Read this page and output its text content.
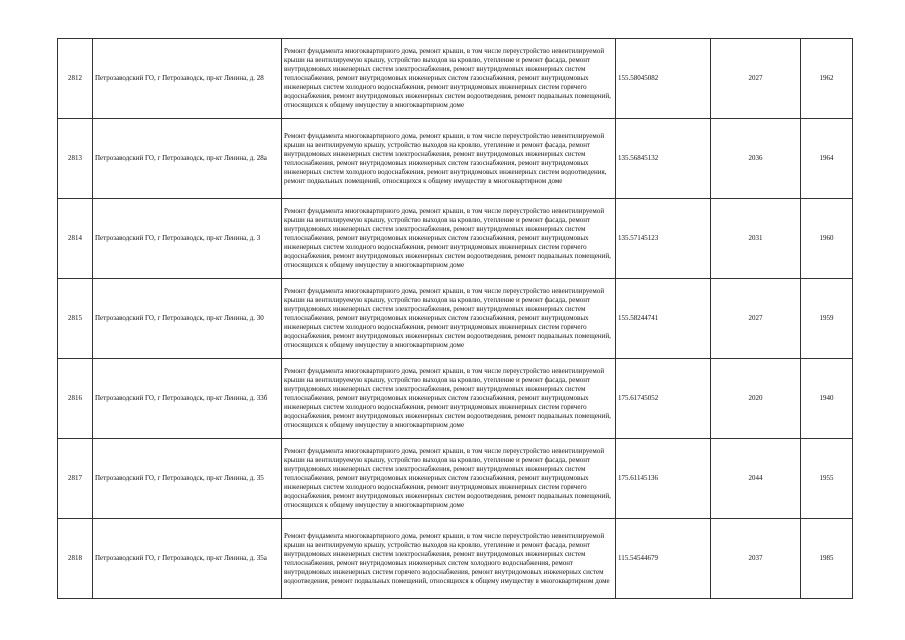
2812	Петрозаводский ГО, г Петрозаводск, пр-кт Ленина, д. 28	Ремонт фундамента многоквартирного дома, ремонт крыши, в том числе переустройство невентилируемой крыши на вентилируемую крышу, устройство выходов на кровлю, утепление и ремонт фасада, ремонт внутридомовых инженерных систем электроснабжения, ремонт внутридомовых инженерных систем теплоснабжения, ремонт внутридомовых инженерных систем газоснабжения, ремонт внутридомовых инженерных систем холодного водоснабжения, ремонт внутридомовых инженерных систем горячего водоснабжения, ремонт внутридомовых инженерных систем водоотведения, ремонт подвальных помещений, относящихся к общему имуществу в многоквартирном доме	155.58045082	2027	1962
2813	Петрозаводский ГО, г Петрозаводск, пр-кт Ленина, д. 28а	Ремонт фундамента многоквартирного дома, ремонт крыши, в том числе переустройство невентилируемой крыши на вентилируемую крышу, устройство выходов на кровлю, утепление и ремонт фасада, ремонт внутридомовых инженерных систем электроснабжения, ремонт внутридомовых инженерных систем теплоснабжения, ремонт внутридомовых инженерных систем газоснабжения, ремонт внутридомовых инженерных систем холодного водоснабжения, ремонт внутридомовых инженерных систем водоотведения, ремонт подвальных помещений, относящихся к общему имуществу в многоквартирном доме	135.56845132	2036	1964
2814	Петрозаводский ГО, г Петрозаводск, пр-кт Ленина, д. 3	Ремонт фундамента многоквартирного дома, ремонт крыши, в том числе переустройство невентилируемой крыши на вентилируемую крышу, устройство выходов на кровлю, утепление и ремонт фасада, ремонт внутридомовых инженерных систем электроснабжения, ремонт внутридомовых инженерных систем теплоснабжения, ремонт внутридомовых инженерных систем газоснабжения, ремонт внутридомовых инженерных систем холодного водоснабжения, ремонт внутридомовых инженерных систем горячего водоснабжения, ремонт внутридомовых инженерных систем водоотведения, ремонт подвальных помещений, относящихся к общему имуществу в многоквартирном доме	135.57145123	2031	1960
2815	Петрозаводский ГО, г Петрозаводск, пр-кт Ленина, д. 30	Ремонт фундамента многоквартирного дома, ремонт крыши, в том числе переустройство невентилируемой крыши на вентилируемую крышу, устройство выходов на кровлю, утепление и ремонт фасада, ремонт внутридомовых инженерных систем электроснабжения, ремонт внутридомовых инженерных систем теплоснабжения, ремонт внутридомовых инженерных систем газоснабжения, ремонт внутридомовых инженерных систем холодного водоснабжения, ремонт внутридомовых инженерных систем горячего водоснабжения, ремонт внутридомовых инженерных систем водоотведения, ремонт подвальных помещений, относящихся к общему имуществу в многоквартирном доме	155.58244741	2027	1959
2816	Петрозаводский ГО, г Петрозаводск, пр-кт Ленина, д. 33б	Ремонт фундамента многоквартирного дома, ремонт крыши, в том числе переустройство невентилируемой крыши на вентилируемую крышу, устройство выходов на кровлю, утепление и ремонт фасада, ремонт внутридомовых инженерных систем электроснабжения, ремонт внутридомовых инженерных систем теплоснабжения, ремонт внутридомовых инженерных систем газоснабжения, ремонт внутридомовых инженерных систем холодного водоснабжения, ремонт внутридомовых инженерных систем горячего водоснабжения, ремонт внутридомовых инженерных систем водоотведения, ремонт подвальных помещений, относящихся к общему имуществу в многоквартирном доме	175.61745052	2020	1940
2817	Петрозаводский ГО, г Петрозаводск, пр-кт Ленина, д. 35	Ремонт фундамента многоквартирного дома, ремонт крыши, в том числе переустройство невентилируемой крыши на вентилируемую крышу, устройство выходов на кровлю, утепление и ремонт фасада, ремонт внутридомовых инженерных систем электроснабжения, ремонт внутридомовых инженерных систем теплоснабжения, ремонт внутридомовых инженерных систем газоснабжения, ремонт внутридомовых инженерных систем холодного водоснабжения, ремонт внутридомовых инженерных систем горячего водоснабжения, ремонт внутридомовых инженерных систем водоотведения, ремонт подвальных помещений, относящихся к общему имуществу в многоквартирном доме	175.61145136	2044	1955
2818	Петрозаводский ГО, г Петрозаводск, пр-кт Ленина, д. 35а	Ремонт фундамента многоквартирного дома, ремонт крыши, в том числе переустройство невентилируемой крыши на вентилируемую крышу, устройство выходов на кровлю, утепление и ремонт фасада, ремонт внутридомовых инженерных систем электроснабжения, ремонт внутридомовых инженерных систем теплоснабжения, ремонт внутридомовых инженерных систем холодного водоснабжения, ремонт внутридомовых инженерных систем горячего водоснабжения, ремонт внутридомовых инженерных систем водоотведения, ремонт подвальных помещений, относящихся к общему имуществу в многоквартирном доме	115.54544679	2037	1985
